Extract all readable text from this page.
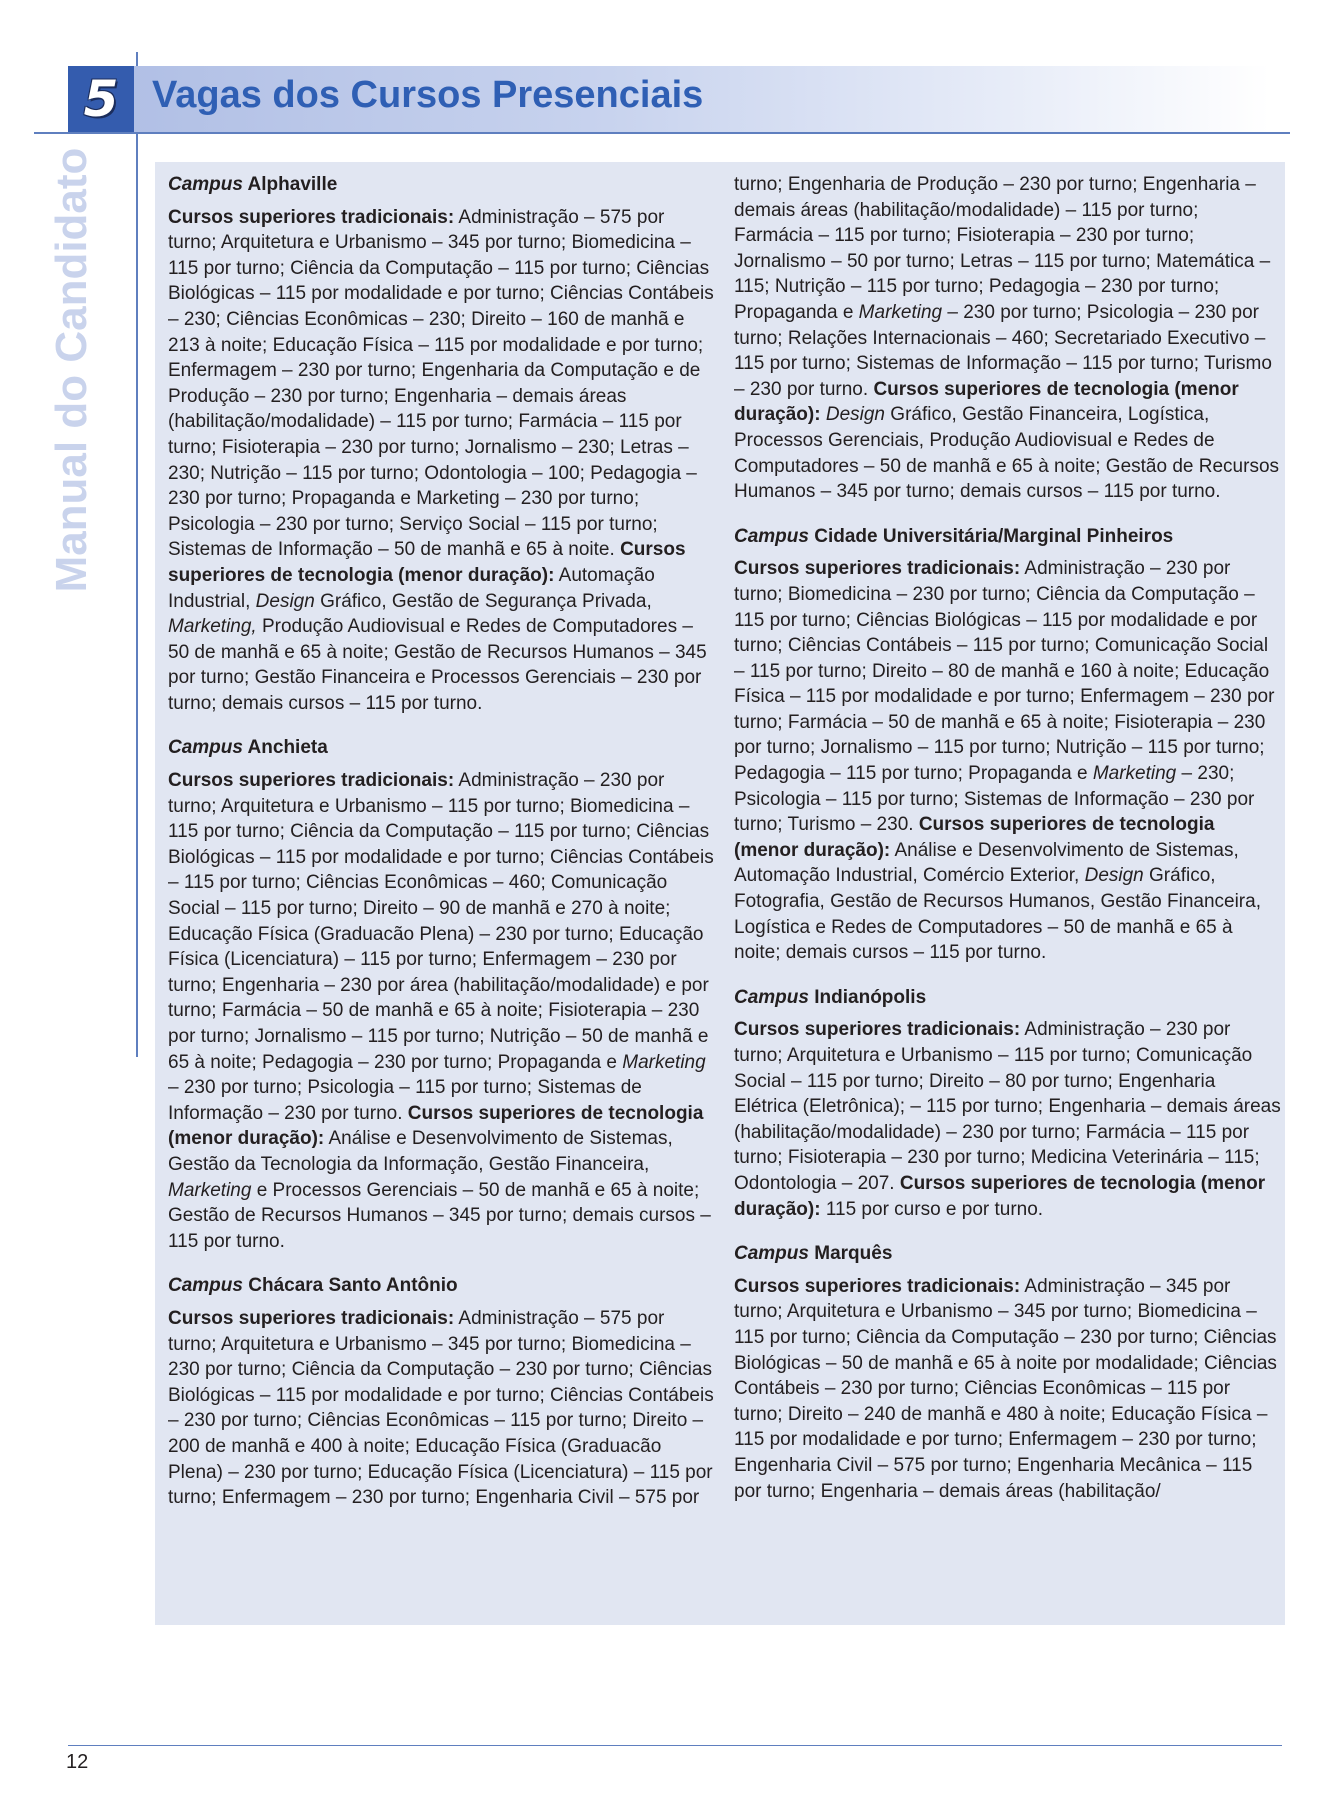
5 Vagas dos Cursos Presenciais
Manual do Candidato	Campus Alphaville

Cursos superiores tradicionais: Administração – 575 por turno; Arquitetura e Urbanismo – 345 por turno; Biomedicina – 115 por turno; Ciência da Computação – 115 por turno; Ciências Biológicas – 115 por modalidade e por turno; Ciências Contábeis – 230; Ciências Econômicas – 230; Direito – 160 de manhã e 213 à noite; Educação Física – 115 por modalidade e por turno; Enfermagem – 230 por turno; Engenharia da Computação e de Produção – 230 por turno; Engenharia – demais áreas (habilitação/modalidade) – 115 por turno; Farmácia – 115 por turno; Fisioterapia – 230 por turno; Jornalismo – 230; Letras – 230; Nutrição – 115 por turno; Odontologia – 100; Pedagogia – 230 por turno; Propaganda e Marketing – 230 por turno; Psicologia – 230 por turno; Serviço Social – 115 por turno; Sistemas de Informação – 50 de manhã e 65 à noite. Cursos superiores de tecnologia (menor duração): Automação Industrial, Design Gráfico, Gestão de Segurança Privada, Marketing, Produção Audiovisual e Redes de Computadores – 50 de manhã e 65 à noite; Gestão de Recursos Humanos – 345 por turno; Gestão Financeira e Processos Gerenciais – 230 por turno; demais cursos – 115 por turno.

Campus Anchieta

Cursos superiores tradicionais: Administração – 230 por turno; Arquitetura e Urbanismo – 115 por turno; Biomedicina – 115 por turno; Ciência da Computação – 115 por turno; Ciências Biológicas – 115 por modalidade e por turno; Ciências Contábeis – 115 por turno; Ciências Econômicas – 460; Comunicação Social – 115 por turno; Direito – 90 de manhã e 270 à noite; Educação Física (Graduacão Plena) – 230 por turno; Educação Física (Licenciatura) – 115 por turno; Enfermagem – 230 por turno; Engenharia – 230 por área (habilitação/modalidade) e por turno; Farmácia – 50 de manhã e 65 à noite; Fisioterapia – 230 por turno; Jornalismo – 115 por turno; Nutrição – 50 de manhã e 65 à noite; Pedagogia – 230 por turno; Propaganda e Marketing – 230 por turno; Psicologia – 115 por turno; Sistemas de Informação – 230 por turno. Cursos superiores de tecnologia (menor duração): Análise e Desenvolvimento de Sistemas, Gestão da Tecnologia da Informação, Gestão Financeira, Marketing e Processos Gerenciais – 50 de manhã e 65 à noite; Gestão de Recursos Humanos – 345 por turno; demais cursos – 115 por turno.

Campus Chácara Santo Antônio

Cursos superiores tradicionais: Administração – 575 por turno; Arquitetura e Urbanismo – 345 por turno; Biomedicina – 230 por turno; Ciência da Computação – 230 por turno; Ciências Biológicas – 115 por modalidade e por turno; Ciências Contábeis – 230 por turno; Ciências Econômicas – 115 por turno; Direito – 200 de manhã e 400 à noite; Educação Física (Graduacão Plena) – 230 por turno; Educação Física (Licenciatura) – 115 por turno; Enfermagem – 230 por turno; Engenharia Civil – 575 por

turno; Engenharia de Produção – 230 por turno; Engenharia – demais áreas (habilitação/modalidade) – 115 por turno; Farmácia – 115 por turno; Fisioterapia – 230 por turno; Jornalismo – 50 por turno; Letras – 115 por turno; Matemática – 115; Nutrição – 115 por turno; Pedagogia – 230 por turno; Propaganda e Marketing – 230 por turno; Psicologia – 230 por turno; Relações Internacionais – 460; Secretariado Executivo – 115 por turno; Sistemas de Informação – 115 por turno; Turismo – 230 por turno. Cursos superiores de tecnologia (menor duração): Design Gráfico, Gestão Financeira, Logística, Processos Gerenciais, Produção Audiovisual e Redes de Computadores – 50 de manhã e 65 à noite; Gestão de Recursos Humanos – 345 por turno; demais cursos – 115 por turno.

Campus Cidade Universitária/Marginal Pinheiros

Cursos superiores tradicionais: Administração – 230 por turno; Biomedicina – 230 por turno; Ciência da Computação – 115 por turno; Ciências Biológicas – 115 por modalidade e por turno; Ciências Contábeis – 115 por turno; Comunicação Social – 115 por turno; Direito – 80 de manhã e 160 à noite; Educação Física – 115 por modalidade e por turno; Enfermagem – 230 por turno; Farmácia – 50 de manhã e 65 à noite; Fisioterapia – 230 por turno; Jornalismo – 115 por turno; Nutrição – 115 por turno; Pedagogia – 115 por turno; Propaganda e Marketing – 230; Psicologia – 115 por turno; Sistemas de Informação – 230 por turno; Turismo – 230. Cursos superiores de tecnologia (menor duração): Análise e Desenvolvimento de Sistemas, Automação Industrial, Comércio Exterior, Design Gráfico, Fotografia, Gestão de Recursos Humanos, Gestão Financeira, Logística e Redes de Computadores – 50 de manhã e 65 à noite; demais cursos – 115 por turno.

Campus Indianópolis

Cursos superiores tradicionais: Administração – 230 por turno; Arquitetura e Urbanismo – 115 por turno; Comunicação Social – 115 por turno; Direito – 80 por turno; Engenharia Elétrica (Eletrônica); – 115 por turno; Engenharia – demais áreas (habilitação/modalidade) – 230 por turno; Farmácia – 115 por turno; Fisioterapia – 230 por turno; Medicina Veterinária – 115; Odontologia – 207. Cursos superiores de tecnologia (menor duração): 115 por curso e por turno.

Campus Marquês

Cursos superiores tradicionais: Administração – 345 por turno; Arquitetura e Urbanismo – 345 por turno; Biomedicina – 115 por turno; Ciência da Computação – 230 por turno; Ciências Biológicas – 50 de manhã e 65 à noite por modalidade; Ciências Contábeis – 230 por turno; Ciências Econômicas – 115 por turno; Direito – 240 de manhã e 480 à noite; Educação Física – 115 por modalidade e por turno; Enfermagem – 230 por turno; Engenharia Civil – 575 por turno; Engenharia Mecânica – 115 por turno; Engenharia – demais áreas (habilitação/

12
